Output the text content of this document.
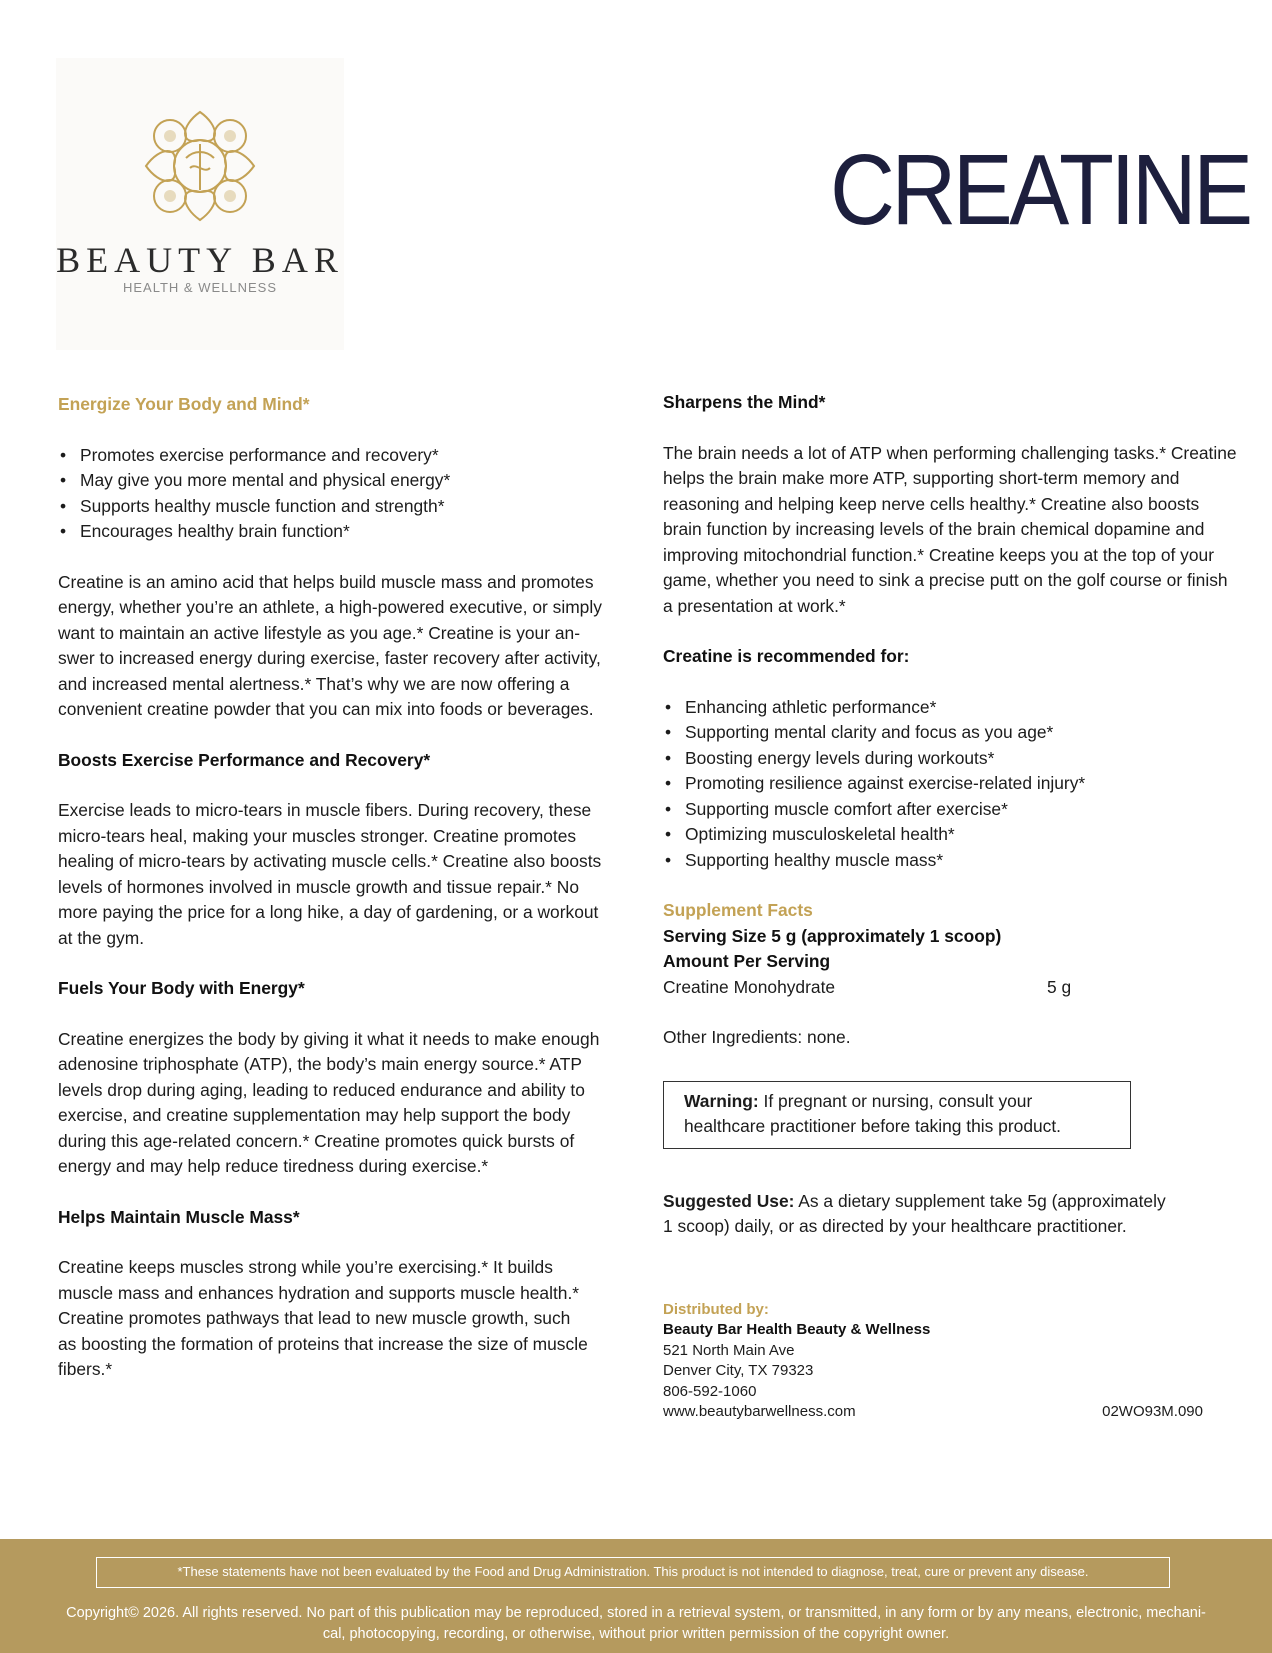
BEAUTY BAR
HEALTH & WELLNESS
CREATINE
Energize Your Body and Mind*
• Promotes exercise performance and recovery*
• May give you more mental and physical energy*
• Supports healthy muscle function and strength*
• Encourages healthy brain function*
Creatine is an amino acid that helps build muscle mass and promotes
energy, whether you’re an athlete, a high-powered executive, or simply
want to maintain an active lifestyle as you age.* Creatine is your an-
swer to increased energy during exercise, faster recovery after activity,
and increased mental alertness.* That’s why we are now offering a
convenient creatine powder that you can mix into foods or beverages.
Boosts Exercise Performance and Recovery*
Exercise leads to micro-tears in muscle fibers. During recovery, these
micro-tears heal, making your muscles stronger. Creatine promotes
healing of micro-tears by activating muscle cells.* Creatine also boosts
levels of hormones involved in muscle growth and tissue repair.* No
more paying the price for a long hike, a day of gardening, or a workout
at the gym.
Fuels Your Body with Energy*
Creatine energizes the body by giving it what it needs to make enough
adenosine triphosphate (ATP), the body’s main energy source.* ATP
levels drop during aging, leading to reduced endurance and ability to
exercise, and creatine supplementation may help support the body
during this age-related concern.* Creatine promotes quick bursts of
energy and may help reduce tiredness during exercise.*
Helps Maintain Muscle Mass*
Creatine keeps muscles strong while you’re exercising.* It builds
muscle mass and enhances hydration and supports muscle health.*
Creatine promotes pathways that lead to new muscle growth, such
as boosting the formation of proteins that increase the size of muscle
fibers.*
Sharpens the Mind*
The brain needs a lot of ATP when performing challenging tasks.* Creatine
helps the brain make more ATP, supporting short-term memory and
reasoning and helping keep nerve cells healthy.* Creatine also boosts
brain function by increasing levels of the brain chemical dopamine and
improving mitochondrial function.* Creatine keeps you at the top of your
game, whether you need to sink a precise putt on the golf course or finish
a presentation at work.*
Creatine is recommended for:
• Enhancing athletic performance*
• Supporting mental clarity and focus as you age*
• Boosting energy levels during workouts*
• Promoting resilience against exercise-related injury*
• Supporting muscle comfort after exercise*
• Optimizing musculoskeletal health*
• Supporting healthy muscle mass*
Supplement Facts
Serving Size 5 g (approximately 1 scoop)
Amount Per Serving
Creatine Monohydrate	5 g
Other Ingredients: none.
Warning: If pregnant or nursing, consult your
healthcare practitioner before taking this product.
Suggested Use: As a dietary supplement take 5g (approximately
1 scoop) daily, or as directed by your healthcare practitioner.
Distributed by:
Beauty Bar Health Beauty & Wellness
521 North Main Ave
Denver City, TX 79323
806-592-1060
www.beautybarwellness.com	02WO93M.090
*These statements have not been evaluated by the Food and Drug Administration. This product is not intended to diagnose, treat, cure or prevent any disease.
Copyright© 2026. All rights reserved. No part of this publication may be reproduced, stored in a retrieval system, or transmitted, in any form or by any means, electronic, mechani-
cal, photocopying, recording, or otherwise, without prior written permission of the copyright owner.
